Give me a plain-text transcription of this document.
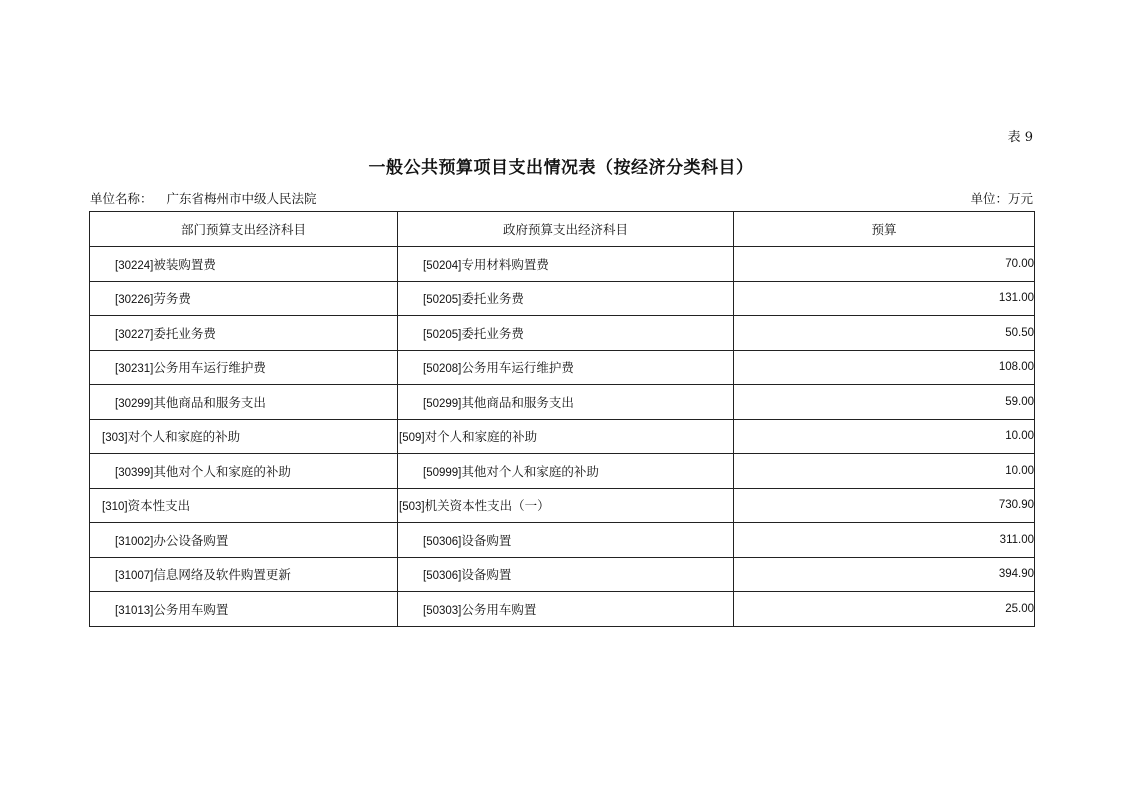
表 9
一般公共预算项目支出情况表（按经济分类科目）
单位名称： 广东省梅州市中级人民法院	单位：万元
部门预算支出经济科目	政府预算支出经济科目	预算
[30224]被装购置费	[50204]专用材料购置费	70.00
[30226]劳务费	[50205]委托业务费	131.00
[30227]委托业务费	[50205]委托业务费	50.50
[30231]公务用车运行维护费	[50208]公务用车运行维护费	108.00
[30299]其他商品和服务支出	[50299]其他商品和服务支出	59.00
[303]对个人和家庭的补助	[509]对个人和家庭的补助	10.00
[30399]其他对个人和家庭的补助	[50999]其他对个人和家庭的补助	10.00
[310]资本性支出	[503]机关资本性支出（一）	730.90
[31002]办公设备购置	[50306]设备购置	311.00
[31007]信息网络及软件购置更新	[50306]设备购置	394.90
[31013]公务用车购置	[50303]公务用车购置	25.00
